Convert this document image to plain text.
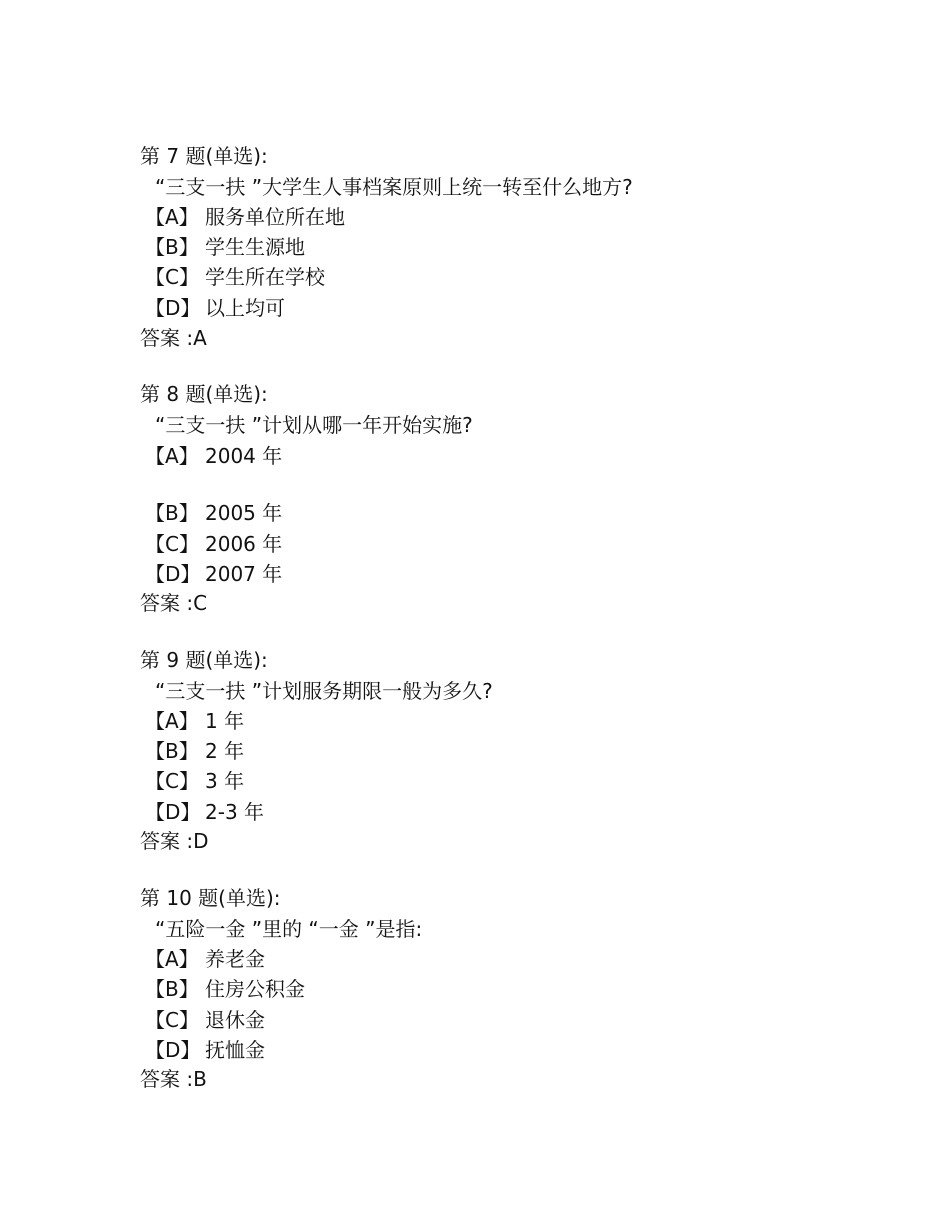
第 7 题(单选):
“三支一扶 ”大学生人事档案原则上统一转至什么地方?
【A】 服务单位所在地
【B】 学生生源地
【C】 学生所在学校
【D】 以上均可
答案 :A
第 8 题(单选):
“三支一扶 ”计划从哪一年开始实施?
【A】 2004 年
【B】 2005 年
【C】 2006 年
【D】 2007 年
答案 :C
第 9 题(单选):
“三支一扶 ”计划服务期限一般为多久?
【A】 1 年
【B】 2 年
【C】 3 年
【D】 2-3 年
答案 :D
第 10 题(单选):
“五险一金 ”里的 “一金 ”是指:
【A】 养老金
【B】 住房公积金
【C】 退休金
【D】 抚恤金
答案 :B
